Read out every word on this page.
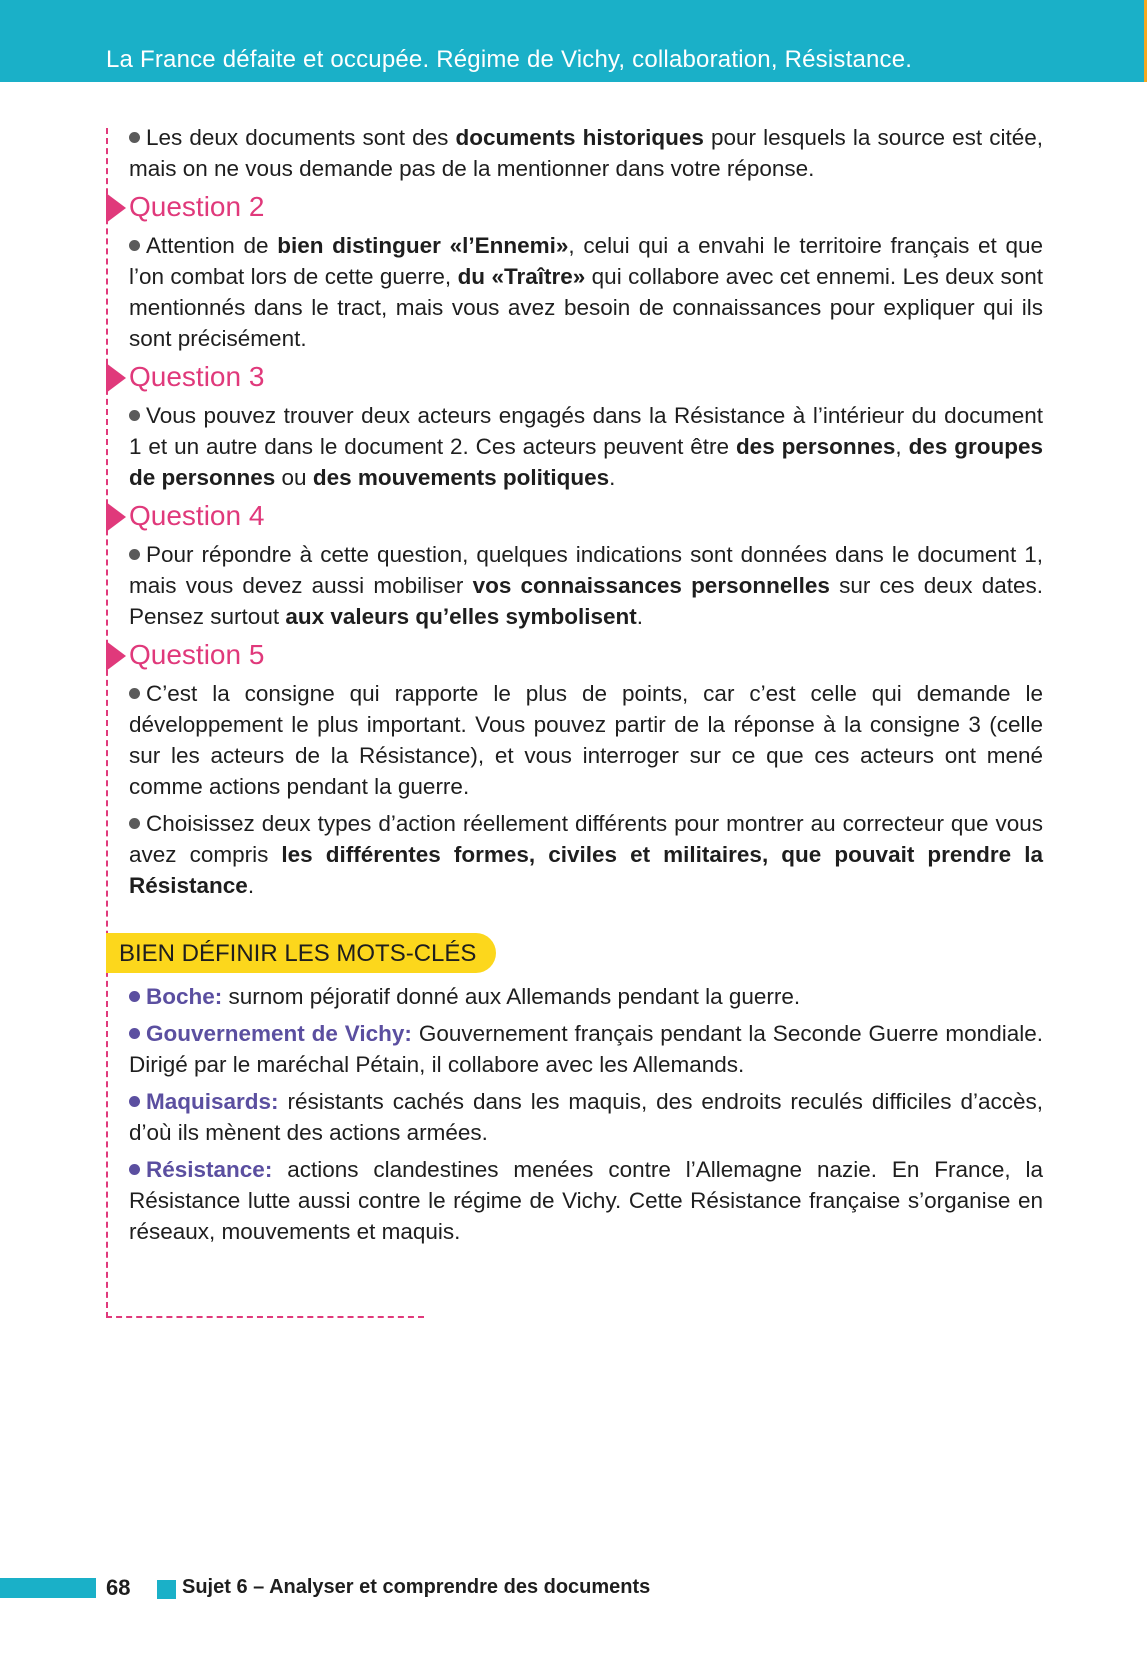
La France défaite et occupée. Régime de Vichy, collaboration, Résistance.

Les deux documents sont des documents historiques pour lesquels la source est citée, mais on ne vous demande pas de la mentionner dans votre réponse.

Question 2

Attention de bien distinguer «l’Ennemi», celui qui a envahi le territoire français et que l’on combat lors de cette guerre, du «Traître» qui collabore avec cet ennemi. Les deux sont mentionnés dans le tract, mais vous avez besoin de connaissances pour expliquer qui ils sont précisément.

Question 3

Vous pouvez trouver deux acteurs engagés dans la Résistance à l’intérieur du document 1 et un autre dans le document 2. Ces acteurs peuvent être des personnes, des groupes de personnes ou des mouvements politiques.

Question 4

Pour répondre à cette question, quelques indications sont données dans le document 1, mais vous devez aussi mobiliser vos connaissances personnelles sur ces deux dates. Pensez surtout aux valeurs qu’elles symbolisent.

Question 5

C’est la consigne qui rapporte le plus de points, car c’est celle qui demande le développement le plus important. Vous pouvez partir de la réponse à la consigne 3 (celle sur les acteurs de la Résistance), et vous interroger sur ce que ces acteurs ont mené comme actions pendant la guerre.

Choisissez deux types d’action réellement différents pour montrer au correcteur que vous avez compris les différentes formes, civiles et militaires, que pouvait prendre la Résistance.

BIEN DÉFINIR LES MOTS-CLÉS

Boche: surnom péjoratif donné aux Allemands pendant la guerre.

Gouvernement de Vichy: Gouvernement français pendant la Seconde Guerre mondiale. Dirigé par le maréchal Pétain, il collabore avec les Allemands.

Maquisards: résistants cachés dans les maquis, des endroits reculés difficiles d’accès, d’où ils mènent des actions armées.

Résistance: actions clandestines menées contre l’Allemagne nazie. En France, la Résistance lutte aussi contre le régime de Vichy. Cette Résistance française s’organise en réseaux, mouvements et maquis.

68	Sujet 6 – Analyser et comprendre des documents
